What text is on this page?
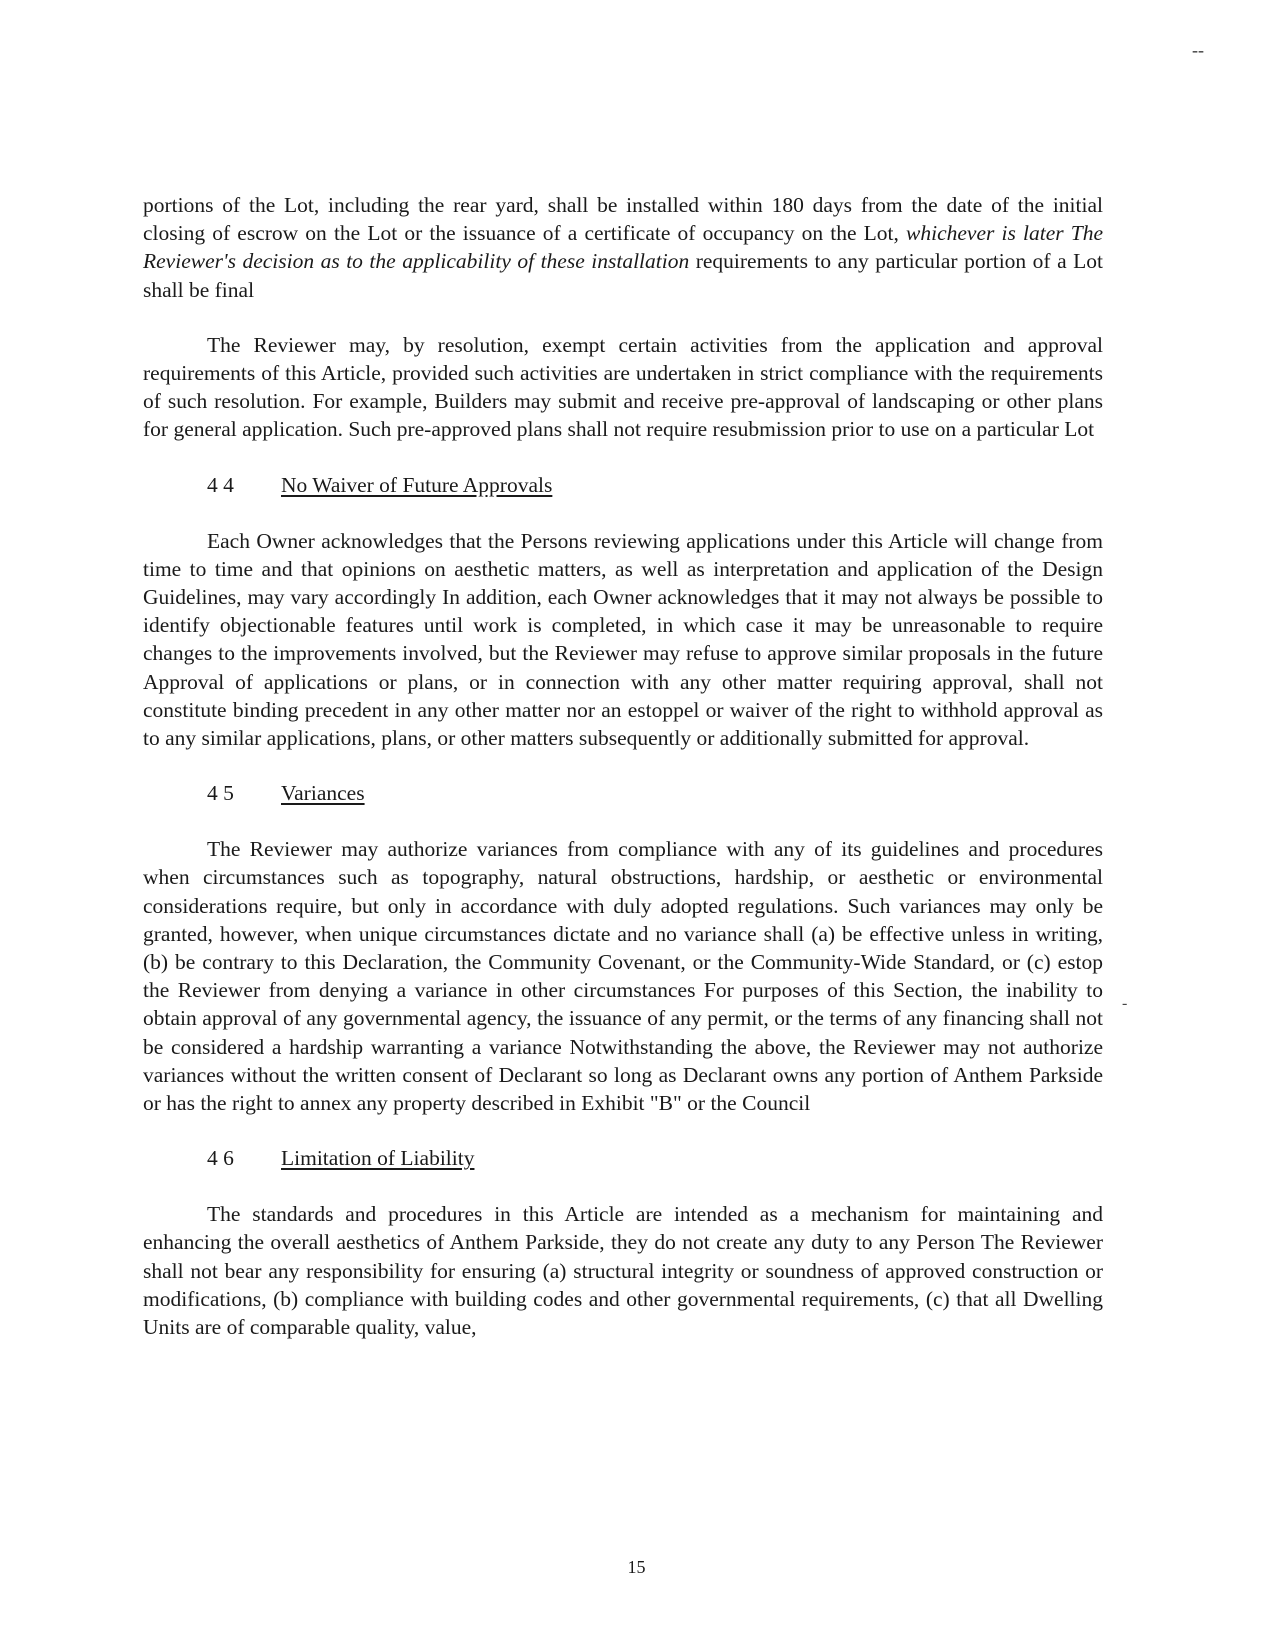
--
-

portions of the Lot, including the rear yard, shall be installed within 180 days from the date of the initial closing of escrow on the Lot or the issuance of a certificate of occupancy on the Lot, whichever is later The Reviewer's decision as to the applicability of these installation requirements to any particular portion of a Lot shall be final

The Reviewer may, by resolution, exempt certain activities from the application and approval requirements of this Article, provided such activities are undertaken in strict compliance with the requirements of such resolution. For example, Builders may submit and receive pre-approval of landscaping or other plans for general application. Such pre-approved plans shall not require resubmission prior to use on a particular Lot

4 4	No Waiver of Future Approvals

Each Owner acknowledges that the Persons reviewing applications under this Article will change from time to time and that opinions on aesthetic matters, as well as interpretation and application of the Design Guidelines, may vary accordingly In addition, each Owner acknowledges that it may not always be possible to identify objectionable features until work is completed, in which case it may be unreasonable to require changes to the improvements involved, but the Reviewer may refuse to approve similar proposals in the future Approval of applications or plans, or in connection with any other matter requiring approval, shall not constitute binding precedent in any other matter nor an estoppel or waiver of the right to withhold approval as to any similar applications, plans, or other matters subsequently or additionally submitted for approval.

4 5	Variances

The Reviewer may authorize variances from compliance with any of its guidelines and procedures when circumstances such as topography, natural obstructions, hardship, or aesthetic or environmental considerations require, but only in accordance with duly adopted regulations. Such variances may only be granted, however, when unique circumstances dictate and no variance shall (a) be effective unless in writing, (b) be contrary to this Declaration, the Community Covenant, or the Community-Wide Standard, or (c) estop the Reviewer from denying a variance in other circumstances For purposes of this Section, the inability to obtain approval of any governmental agency, the issuance of any permit, or the terms of any financing shall not be considered a hardship warranting a variance Notwithstanding the above, the Reviewer may not authorize variances without the written consent of Declarant so long as Declarant owns any portion of Anthem Parkside or has the right to annex any property described in Exhibit "B" or the Council

4 6	Limitation of Liability

The standards and procedures in this Article are intended as a mechanism for maintaining and enhancing the overall aesthetics of Anthem Parkside, they do not create any duty to any Person The Reviewer shall not bear any responsibility for ensuring (a) structural integrity or soundness of approved construction or modifications, (b) compliance with building codes and other governmental requirements, (c) that all Dwelling Units are of comparable quality, value,

15
